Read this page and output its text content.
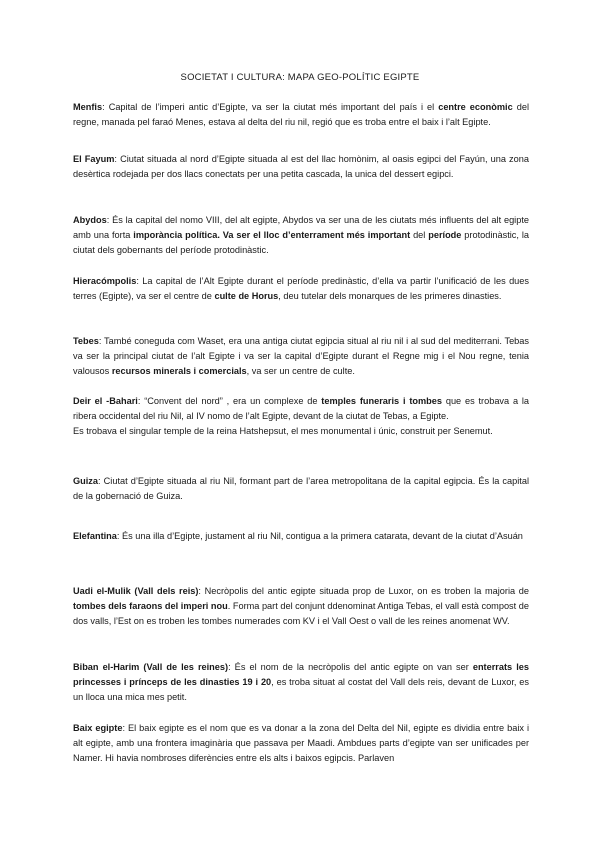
SOCIETAT I CULTURA: MAPA GEO-POLÍTIC EGIPTE

Menfis: Capital de l’imperi antic d’Egipte, va ser la ciutat més important del país i el centre econòmic del regne, manada pel faraó Menes, estava al delta del riu nil, regió que es troba entre el baix i l’alt Egipte.

El Fayum: Ciutat situada al nord d’Egipte situada al est del llac homònim, al oasis egipci del Fayún, una zona desèrtica rodejada per dos llacs conectats per una petita cascada, la unica del dessert egipci.

Abydos: És la capital del nomo VIII, del alt egipte, Abydos va ser una de les ciutats més influents del alt egipte amb una forta imporància política. Va ser el lloc d’enterrament més important del període protodinàstic, la ciutat dels gobernants del període protodinàstic.

Hieracómpolis: La capital de l’Alt Egipte durant el període predinàstic, d’ella va partir l’unificació de les dues terres (Egipte), va ser el centre de culte de Horus, deu tutelar dels monarques de les primeres dinasties.

Tebes: També coneguda com Waset, era una antiga ciutat egipcia situal al riu nil i al sud del mediterrani. Tebas va ser la principal ciutat de l’alt Egipte i va ser la capital d’Egipte durant el Regne mig i el Nou regne, tenia valousos recursos minerals i comercials, va ser un centre de culte.

Deir el -Bahari: “Convent del nord” , era un complexe de temples funeraris i tombes que es trobava a la ribera occidental del riu Nil, al IV nomo de l’alt Egipte, devant de la ciutat de Tebas, a Egipte.

Es trobava el singular temple de la reina Hatshepsut, el mes monumental i únic, construit per Senemut.

Guiza: Ciutat d’Egipte situada al riu Nil, formant part de l’area metropolitana de la capital egipcia. És la capital de la gobernació de Guiza.

Elefantina: És una illa d’Egipte, justament al riu Nil, contigua a la primera catarata, devant de la ciutat d’Asuán

Uadi el-Mulik (Vall dels reis): Necròpolis del antic egipte situada prop de Luxor, on es troben la majoria de tombes dels faraons del imperi nou. Forma part del conjunt ddenominat Antiga Tebas, el vall està compost de dos valls, l’Est on es troben les tombes numerades com KV i el Vall Oest o vall de les reines anomenat WV.

Biban el-Harim (Vall de les reines): És el nom de la necròpolis del antic egipte on van ser enterrats les princesses i prínceps de les dinasties 19 i 20, es troba situat al costat del Vall dels reis, devant de Luxor, es un lloca una mica mes petit.

Baix egipte: El baix egipte es el nom que es va donar a la zona del Delta del Nil, egipte es dividia entre baix i alt egipte, amb una frontera imaginària que passava per Maadi. Ambdues parts d’egipte van ser unificades per Namer. Hi havia nombroses diferències entre els alts i baixos egipcis. Parlaven
